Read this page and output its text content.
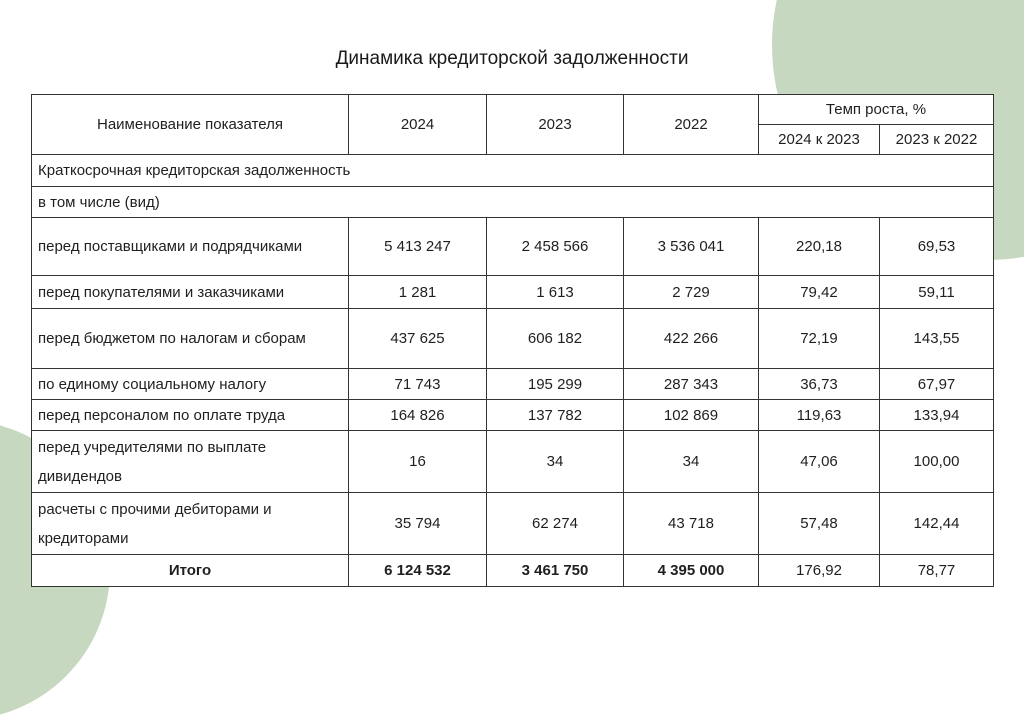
Динамика кредиторской задолженности
Наименование показателя	2024	2023	2022	Темп роста, %	
				2024 к 2023	2023 к 2022
Краткосрочная кредиторская задолженность					
в том числе (вид)					
перед поставщиками и подрядчиками	5 413 247	2 458 566	3 536 041	220,18	69,53
перед покупателями и заказчиками	1 281	1 613	2 729	79,42	59,11
перед бюджетом по налогам и сборам	437 625	606 182	422 266	72,19	143,55
по единому социальному налогу	71 743	195 299	287 343	36,73	67,97
перед персоналом по оплате труда	164 826	137 782	102 869	119,63	133,94
перед учредителями по выплате дивидендов	16	34	34	47,06	100,00
расчеты с прочими дебиторами и кредиторами	35 794	62 274	43 718	57,48	142,44
Итого	6 124 532	3 461 750	4 395 000	176,92	78,77
